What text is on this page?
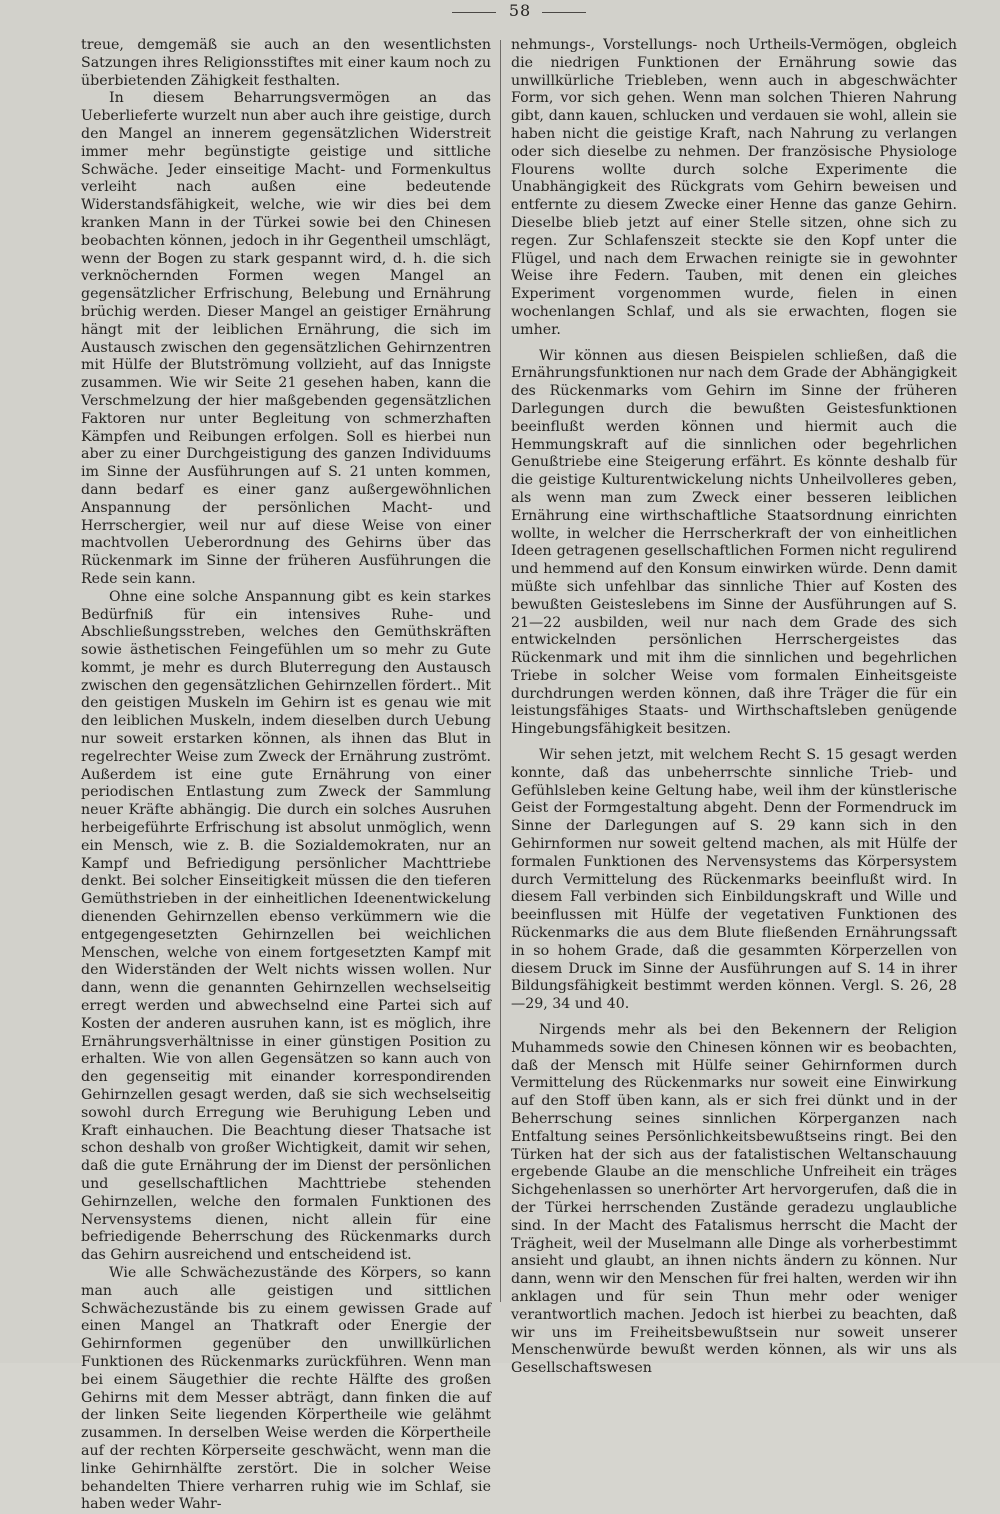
58

treue, demgemäß sie auch an den wesentlichsten Satzungen ihres Religionsstiftes mit einer kaum noch zu überbietenden Zähigkeit festhalten.

In diesem Beharrungsvermögen an das Ueberlieferte wurzelt nun aber auch ihre geistige, durch den Mangel an innerem gegensätzlichen Widerstreit immer mehr begünstigte geistige und sittliche Schwäche. Jeder einseitige Macht- und Formenkultus verleiht nach außen eine bedeutende Widerstandsfähigkeit, welche, wie wir dies bei dem kranken Mann in der Türkei sowie bei den Chinesen beobachten können, jedoch in ihr Gegentheil umschlägt, wenn der Bogen zu stark gespannt wird, d. h. die sich verknöchernden Formen wegen Mangel an gegensätzlicher Erfrischung, Belebung und Ernährung brüchig werden. Dieser Mangel an geistiger Ernährung hängt mit der leiblichen Ernährung, die sich im Austausch zwischen den gegensätzlichen Gehirnzentren mit Hülfe der Blutströmung vollzieht, auf das Innigste zusammen. Wie wir Seite 21 gesehen haben, kann die Verschmelzung der hier maßgebenden gegensätzlichen Faktoren nur unter Begleitung von schmerzhaften Kämpfen und Reibungen erfolgen. Soll es hierbei nun aber zu einer Durchgeistigung des ganzen Individuums im Sinne der Ausführungen auf S. 21 unten kommen, dann bedarf es einer ganz außergewöhnlichen Anspannung der persönlichen Macht- und Herrschergier, weil nur auf diese Weise von einer machtvollen Ueberordnung des Gehirns über das Rückenmark im Sinne der früheren Ausführungen die Rede sein kann.

Ohne eine solche Anspannung gibt es kein starkes Bedürfniß für ein intensives Ruhe- und Abschließungsstreben, welches den Gemüthskräften sowie ästhetischen Feingefühlen um so mehr zu Gute kommt, je mehr es durch Bluterregung den Austausch zwischen den gegensätzlichen Gehirnzellen fördert.. Mit den geistigen Muskeln im Gehirn ist es genau wie mit den leiblichen Muskeln, indem dieselben durch Uebung nur soweit erstarken können, als ihnen das Blut in regelrechter Weise zum Zweck der Ernährung zuströmt. Außerdem ist eine gute Ernährung von einer periodischen Entlastung zum Zweck der Sammlung neuer Kräfte abhängig. Die durch ein solches Ausruhen herbeigeführte Erfrischung ist absolut unmöglich, wenn ein Mensch, wie z. B. die Sozialdemokraten, nur an Kampf und Befriedigung persönlicher Machttriebe denkt. Bei solcher Einseitigkeit müssen die den tieferen Gemüthstrieben in der einheitlichen Ideenentwickelung dienenden Gehirnzellen ebenso verkümmern wie die entgegengesetzten Gehirnzellen bei weichlichen Menschen, welche von einem fortgesetzten Kampf mit den Widerständen der Welt nichts wissen wollen. Nur dann, wenn die genannten Gehirnzellen wechselseitig erregt werden und abwechselnd eine Partei sich auf Kosten der anderen ausruhen kann, ist es möglich, ihre Ernährungsverhältnisse in einer günstigen Position zu erhalten. Wie von allen Gegensätzen so kann auch von den gegenseitig mit einander korrespondirenden Gehirnzellen gesagt werden, daß sie sich wechselseitig sowohl durch Erregung wie Beruhigung Leben und Kraft einhauchen. Die Beachtung dieser Thatsache ist schon deshalb von großer Wichtigkeit, damit wir sehen, daß die gute Ernährung der im Dienst der persönlichen und gesellschaftlichen Machttriebe stehenden Gehirnzellen, welche den formalen Funktionen des Nervensystems dienen, nicht allein für eine befriedigende Beherrschung des Rückenmarks durch das Gehirn ausreichend und entscheidend ist.

Wie alle Schwächezustände des Körpers, so kann man auch alle geistigen und sittlichen Schwächezustände bis zu einem gewissen Grade auf einen Mangel an Thatkraft oder Energie der Gehirnformen gegenüber den unwillkürlichen Funktionen des Rückenmarks zurückführen. Wenn man bei einem Säugethier die rechte Hälfte des großen Gehirns mit dem Messer abträgt, dann finken die auf der linken Seite liegenden Körpertheile wie gelähmt zusammen. In derselben Weise werden die Körpertheile auf der rechten Körperseite geschwächt, wenn man die linke Gehirnhälfte zerstört. Die in solcher Weise behandelten Thiere verharren ruhig wie im Schlaf, sie haben weder Wahr-

nehmungs-, Vorstellungs- noch Urtheils-Vermögen, obgleich die niedrigen Funktionen der Ernährung sowie das unwillkürliche Triebleben, wenn auch in abgeschwächter Form, vor sich gehen. Wenn man solchen Thieren Nahrung gibt, dann kauen, schlucken und verdauen sie wohl, allein sie haben nicht die geistige Kraft, nach Nahrung zu verlangen oder sich dieselbe zu nehmen. Der französische Physiologe Flourens wollte durch solche Experimente die Unabhängigkeit des Rückgrats vom Gehirn beweisen und entfernte zu diesem Zwecke einer Henne das ganze Gehirn. Dieselbe blieb jetzt auf einer Stelle sitzen, ohne sich zu regen. Zur Schlafenszeit steckte sie den Kopf unter die Flügel, und nach dem Erwachen reinigte sie in gewohnter Weise ihre Federn. Tauben, mit denen ein gleiches Experiment vorgenommen wurde, fielen in einen wochenlangen Schlaf, und als sie erwachten, flogen sie umher.

Wir können aus diesen Beispielen schließen, daß die Ernährungsfunktionen nur nach dem Grade der Abhängigkeit des Rückenmarks vom Gehirn im Sinne der früheren Darlegungen durch die bewußten Geistesfunktionen beeinflußt werden können und hiermit auch die Hemmungskraft auf die sinnlichen oder begehrlichen Genußtriebe eine Steigerung erfährt. Es könnte deshalb für die geistige Kulturentwickelung nichts Unheilvolleres geben, als wenn man zum Zweck einer besseren leiblichen Ernährung eine wirthschaftliche Staatsordnung einrichten wollte, in welcher die Herrscherkraft der von einheitlichen Ideen getragenen gesellschaftlichen Formen nicht regulirend und hemmend auf den Konsum einwirken würde. Denn damit müßte sich unfehlbar das sinnliche Thier auf Kosten des bewußten Geisteslebens im Sinne der Ausführungen auf S. 21—22 ausbilden, weil nur nach dem Grade des sich entwickelnden persönlichen Herrschergeistes das Rückenmark und mit ihm die sinnlichen und begehrlichen Triebe in solcher Weise vom formalen Einheitsgeiste durchdrungen werden können, daß ihre Träger die für ein leistungsfähiges Staats- und Wirthschaftsleben genügende Hingebungsfähigkeit besitzen.

Wir sehen jetzt, mit welchem Recht S. 15 gesagt werden konnte, daß das unbeherrschte sinnliche Trieb- und Gefühlsleben keine Geltung habe, weil ihm der künstlerische Geist der Formgestaltung abgeht. Denn der Formendruck im Sinne der Darlegungen auf S. 29 kann sich in den Gehirnformen nur soweit geltend machen, als mit Hülfe der formalen Funktionen des Nervensystems das Körpersystem durch Vermittelung des Rückenmarks beeinflußt wird. In diesem Fall verbinden sich Einbildungskraft und Wille und beeinflussen mit Hülfe der vegetativen Funktionen des Rückenmarks die aus dem Blute fließenden Ernährungssaft in so hohem Grade, daß die gesammten Körperzellen von diesem Druck im Sinne der Ausführungen auf S. 14 in ihrer Bildungsfähigkeit bestimmt werden können. Vergl. S. 26, 28—29, 34 und 40.

Nirgends mehr als bei den Bekennern der Religion Muhammeds sowie den Chinesen können wir es beobachten, daß der Mensch mit Hülfe seiner Gehirnformen durch Vermittelung des Rückenmarks nur soweit eine Einwirkung auf den Stoff üben kann, als er sich frei dünkt und in der Beherrschung seines sinnlichen Körperganzen nach Entfaltung seines Persönlichkeitsbewußtseins ringt. Bei den Türken hat der sich aus der fatalistischen Weltanschauung ergebende Glaube an die menschliche Unfreiheit ein träges Sichgehenlassen so unerhörter Art hervorgerufen, daß die in der Türkei herrschenden Zustände geradezu unglaubliche sind. In der Macht des Fatalismus herrscht die Macht der Trägheit, weil der Muselmann alle Dinge als vorherbestimmt ansieht und glaubt, an ihnen nichts ändern zu können. Nur dann, wenn wir den Menschen für frei halten, werden wir ihn anklagen und für sein Thun mehr oder weniger verantwortlich machen. Jedoch ist hierbei zu beachten, daß wir uns im Freiheitsbewußtsein nur soweit unserer Menschenwürde bewußt werden können, als wir uns als Gesellschaftswesen
